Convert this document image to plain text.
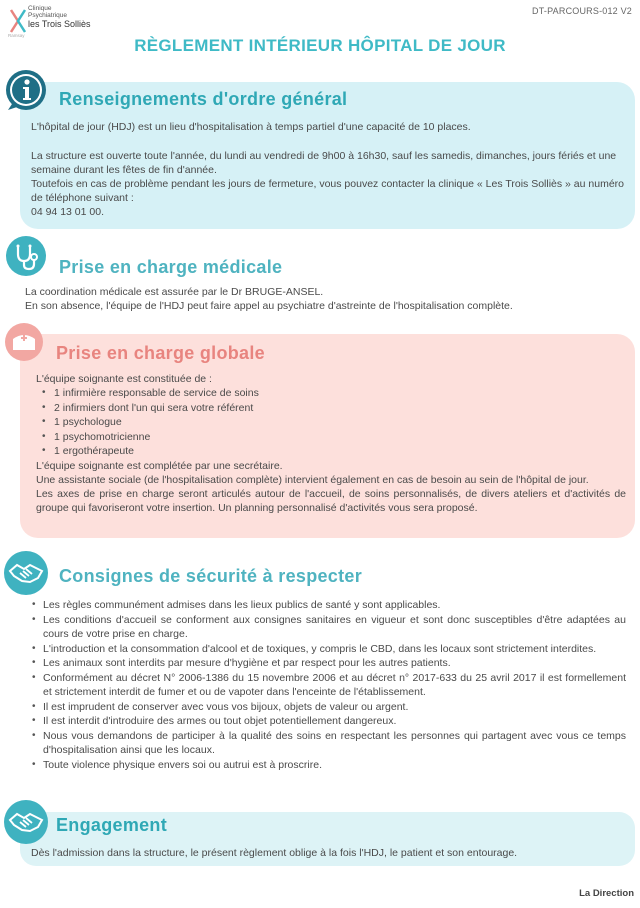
Clinique
Psychiatrique
les Trois Solliès
Ramsay
DT-PARCOURS-012 V2
RÈGLEMENT INTÉRIEUR HÔPITAL DE JOUR
Renseignements d'ordre général
L'hôpital de jour (HDJ) est un lieu d'hospitalisation à temps partiel d'une capacité de 10 places.
La structure est ouverte toute l'année, du lundi au vendredi de 9h00 à 16h30, sauf les samedis, dimanches, jours fériés et une semaine durant les fêtes de fin d'année.
Toutefois en cas de problème pendant les jours de fermeture, vous pouvez contacter la clinique « Les Trois Solliès » au numéro de téléphone suivant :
04 94 13 01 00.
Prise en charge médicale
La coordination médicale est assurée par le Dr BRUGE-ANSEL.
En son absence, l'équipe de l'HDJ peut faire appel au psychiatre d'astreinte de l'hospitalisation complète.
Prise en charge globale
L'équipe soignante est constituée de :
• 1 infirmière responsable de service de soins
• 2 infirmiers dont l'un qui sera votre référent
• 1 psychologue
• 1 psychomotricienne
• 1 ergothérapeute
L'équipe soignante est complétée par une secrétaire.
Une assistante sociale (de l'hospitalisation complète) intervient également en cas de besoin au sein de l'hôpital de jour.
Les axes de prise en charge seront articulés autour de l'accueil, de soins personnalisés, de divers ateliers et d'activités de groupe qui favoriseront votre insertion. Un planning personnalisé d'activités vous sera proposé.
Consignes de sécurité à respecter
• Les règles communément admises dans les lieux publics de santé y sont applicables.
• Les conditions d'accueil se conforment aux consignes sanitaires en vigueur et sont donc susceptibles d'être adaptées au cours de votre prise en charge.
• L'introduction et la consommation d'alcool et de toxiques, y compris le CBD, dans les locaux sont strictement interdites.
• Les animaux sont interdits par mesure d'hygiène et par respect pour les autres patients.
• Conformément au décret N° 2006-1386 du 15 novembre 2006 et au décret n° 2017-633 du 25 avril 2017 il est formellement et strictement interdit de fumer et ou de vapoter dans l'enceinte de l'établissement.
• Il est imprudent de conserver avec vous vos bijoux, objets de valeur ou argent.
• Il est interdit d'introduire des armes ou tout objet potentiellement dangereux.
• Nous vous demandons de participer à la qualité des soins en respectant les personnes qui partagent avec vous ce temps d'hospitalisation ainsi que les locaux.
• Toute violence physique envers soi ou autrui est à proscrire.
Engagement
Dès l'admission dans la structure, le présent règlement oblige à la fois l'HDJ, le patient et son entourage.
La Direction
